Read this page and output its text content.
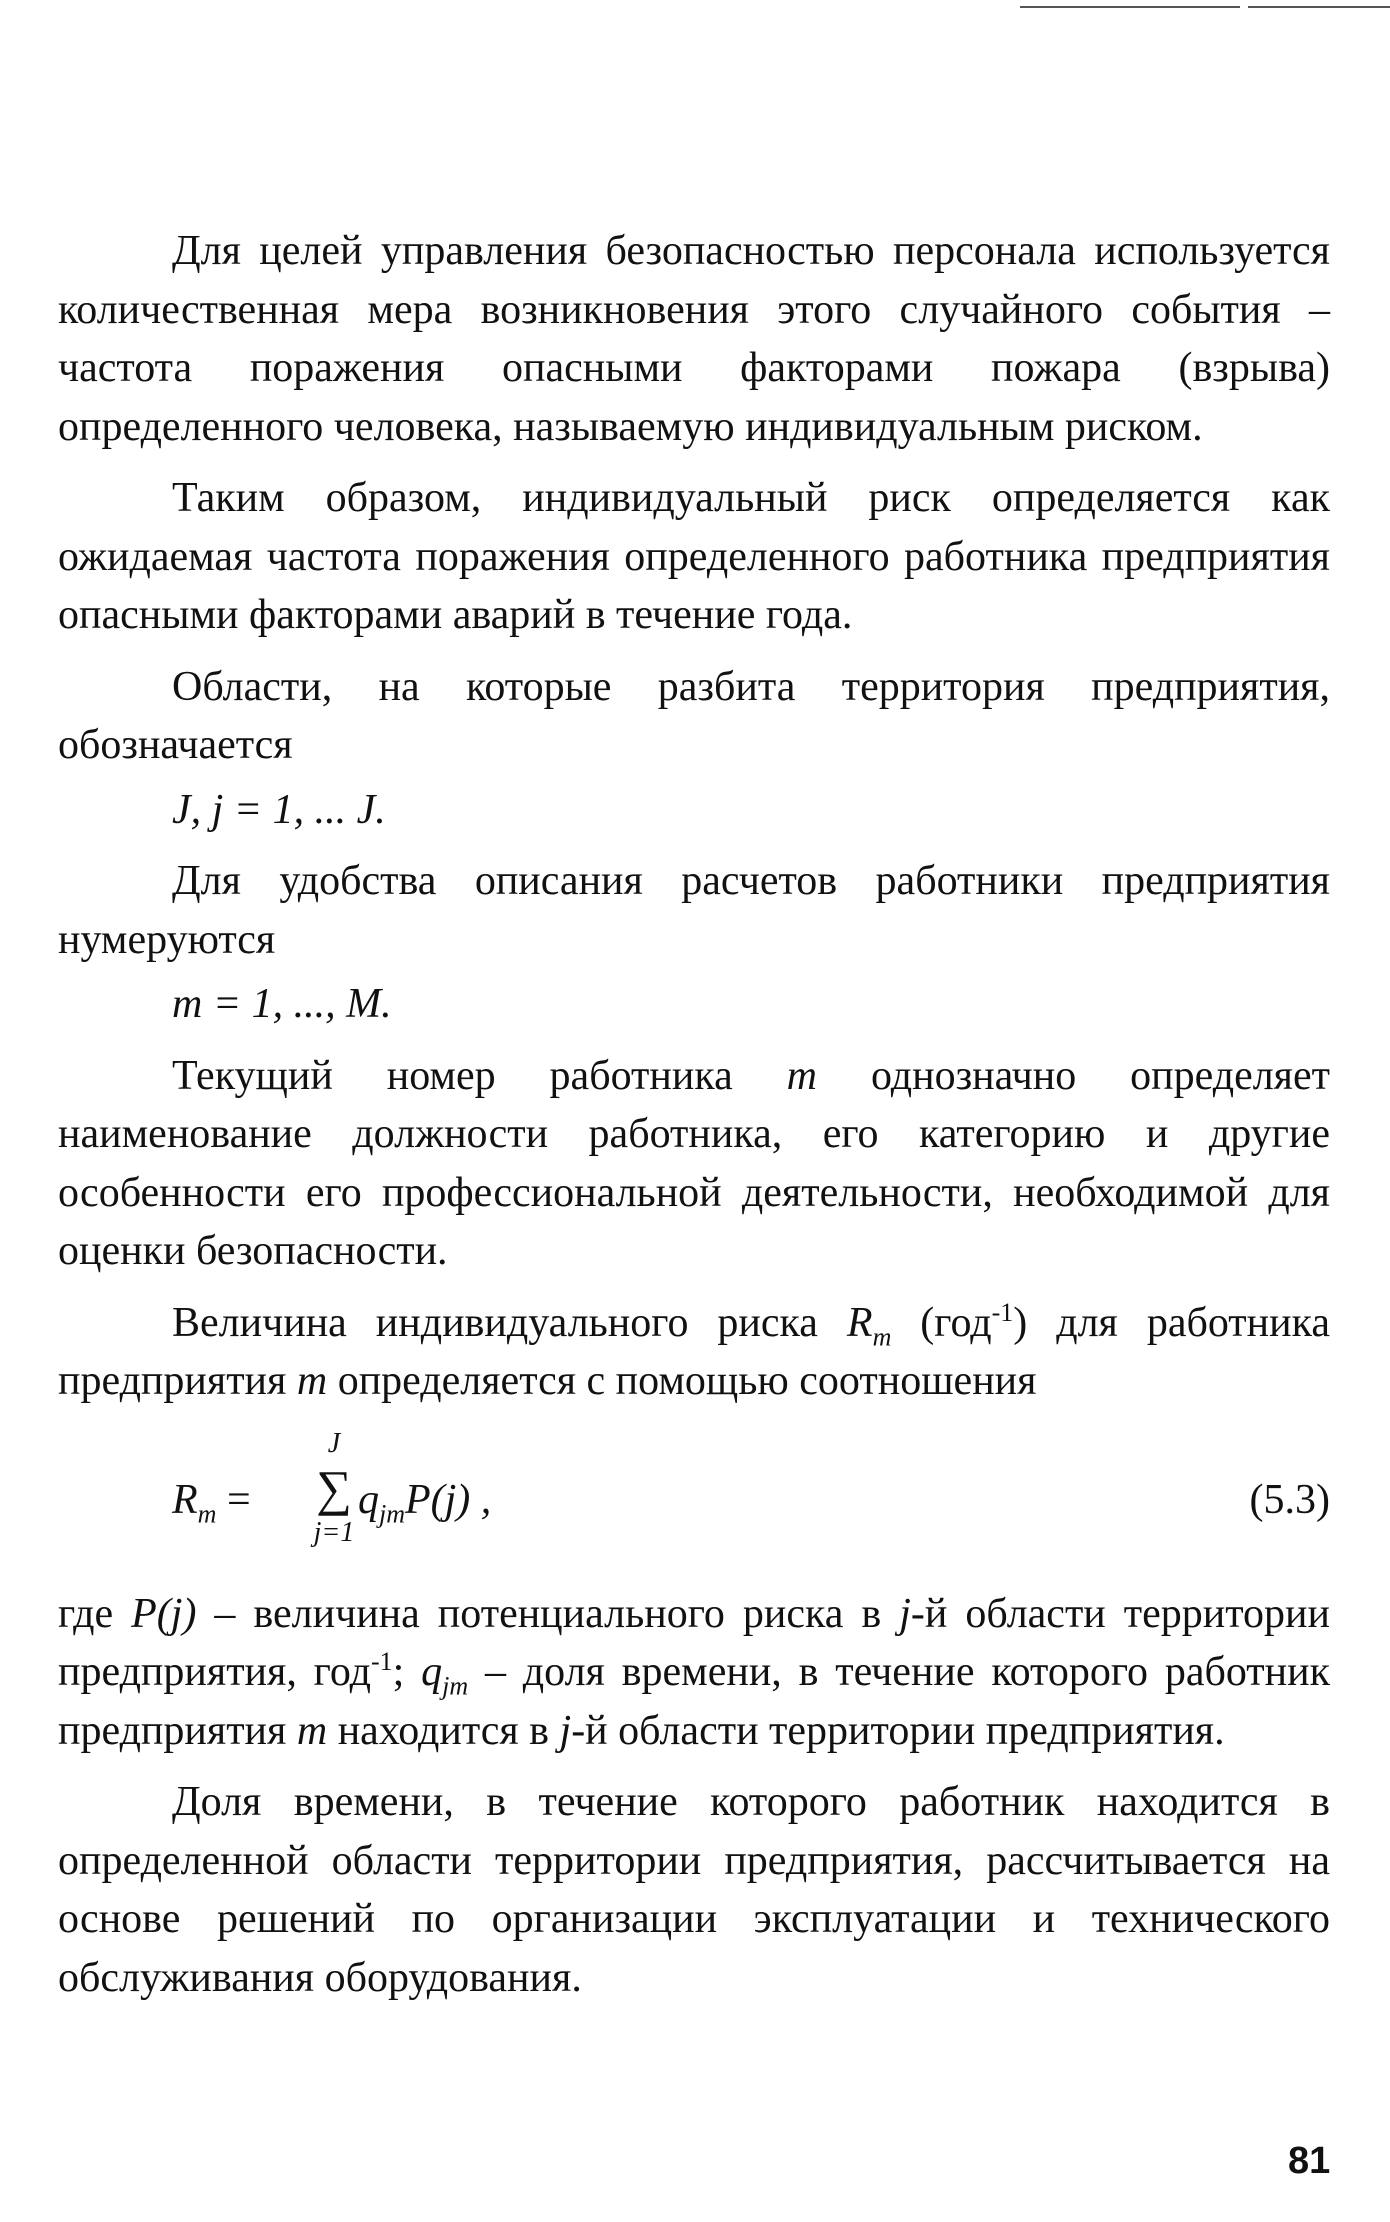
Для целей управления безопасностью персонала используется количественная мера возникновения этого случайного события – частота поражения опасными факторами пожара (взрыва) определенного человека, называемую индивидуальным риском.

Таким образом, индивидуальный риск определяется как ожидаемая частота поражения определенного работника предприятия опасными факторами аварий в течение года.

Области, на которые разбита территория предприятия, обозначается

J, j = 1, ... J.

Для удобства описания расчетов работники предприятия нумеруются

m = 1, ..., M.

Текущий номер работника m однозначно определяет наименование должности работника, его категорию и другие особенности его профессиональной деятельности, необходимой для оценки безопасности.

Величина индивидуального риска $R_m$ (год$^{-1}$) для работника предприятия m определяется с помощью соотношения

$R_m$ =
J
∑
j=1
$q_{jm}P(j)$ ,	(5.3)

где P(j) – величина потенциального риска в j-й области территории предприятия, год$^{-1}$; $q_{jm}$ – доля времени, в течение которого работник предприятия m находится в j-й области территории предприятия.

Доля времени, в течение которого работник находится в определенной области территории предприятия, рассчитывается на основе решений по организации эксплуатации и технического обслуживания оборудования.

81
